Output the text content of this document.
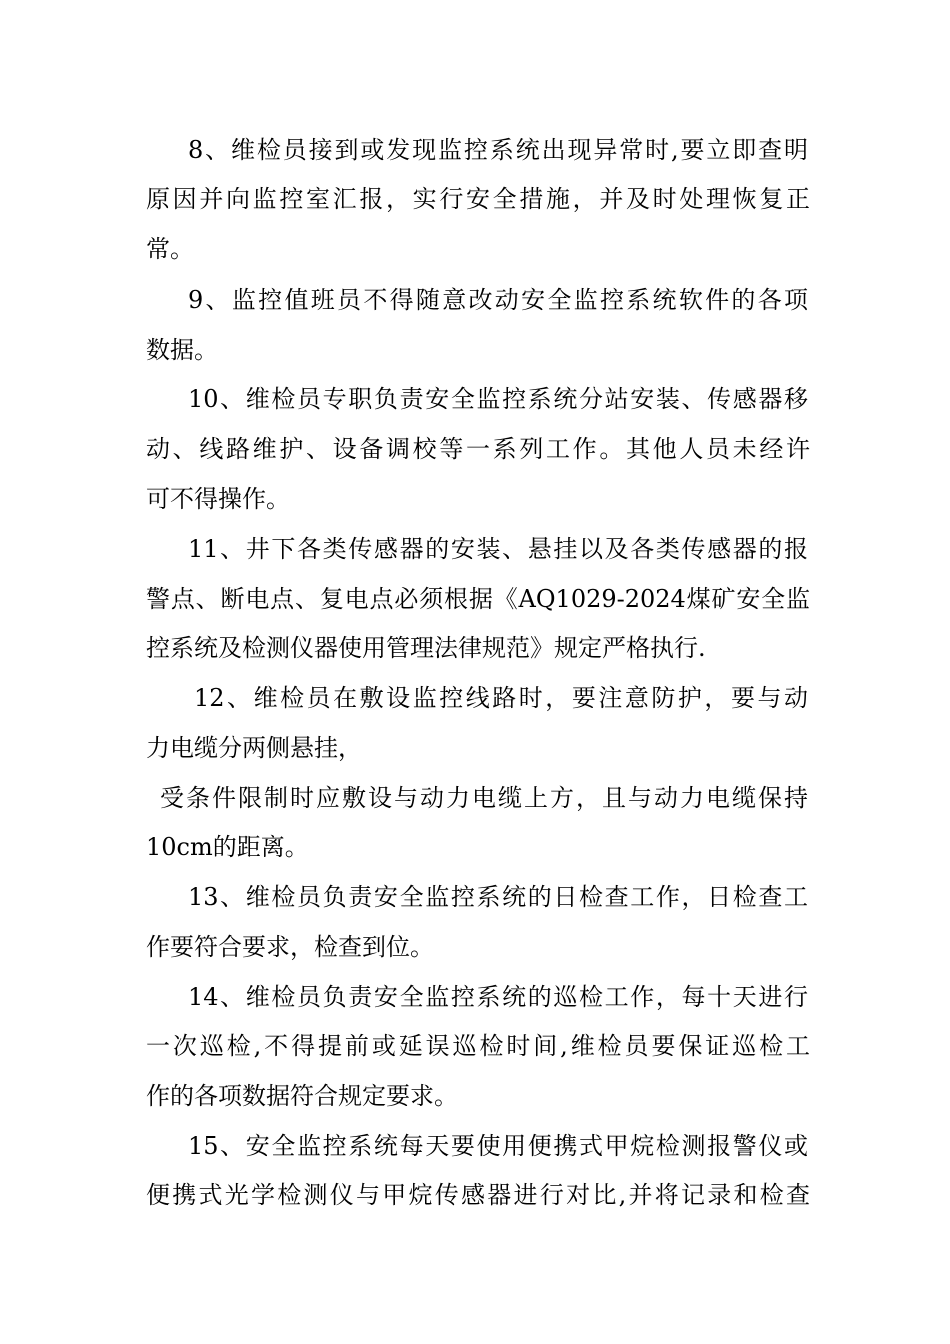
8、维检员接到或发现监控系统出现异常时,要立即查明
原因并向监控室汇报，实行安全措施，并及时处理恢复正
常。
9、监控值班员不得随意改动安全监控系统软件的各项
数据。
10、维检员专职负责安全监控系统分站安装、传感器移
动、线路维护、设备调校等一系列工作。其他人员未经许
可不得操作。
11、井下各类传感器的安装、悬挂以及各类传感器的报
警点、断电点、复电点必须根据《AQ1029-2024煤矿安全监
控系统及检测仪器使用管理法律规范》规定严格执行.
12、维检员在敷设监控线路时，要注意防护，要与动
力电缆分两侧悬挂，
受条件限制时应敷设与动力电缆上方，且与动力电缆保持
10cm的距离。
13、维检员负责安全监控系统的日检查工作，日检查工
作要符合要求，检查到位。
14、维检员负责安全监控系统的巡检工作，每十天进行
一次巡检,不得提前或延误巡检时间,维检员要保证巡检工
作的各项数据符合规定要求。
15、安全监控系统每天要使用便携式甲烷检测报警仪或
便携式光学检测仪与甲烷传感器进行对比,并将记录和检查
